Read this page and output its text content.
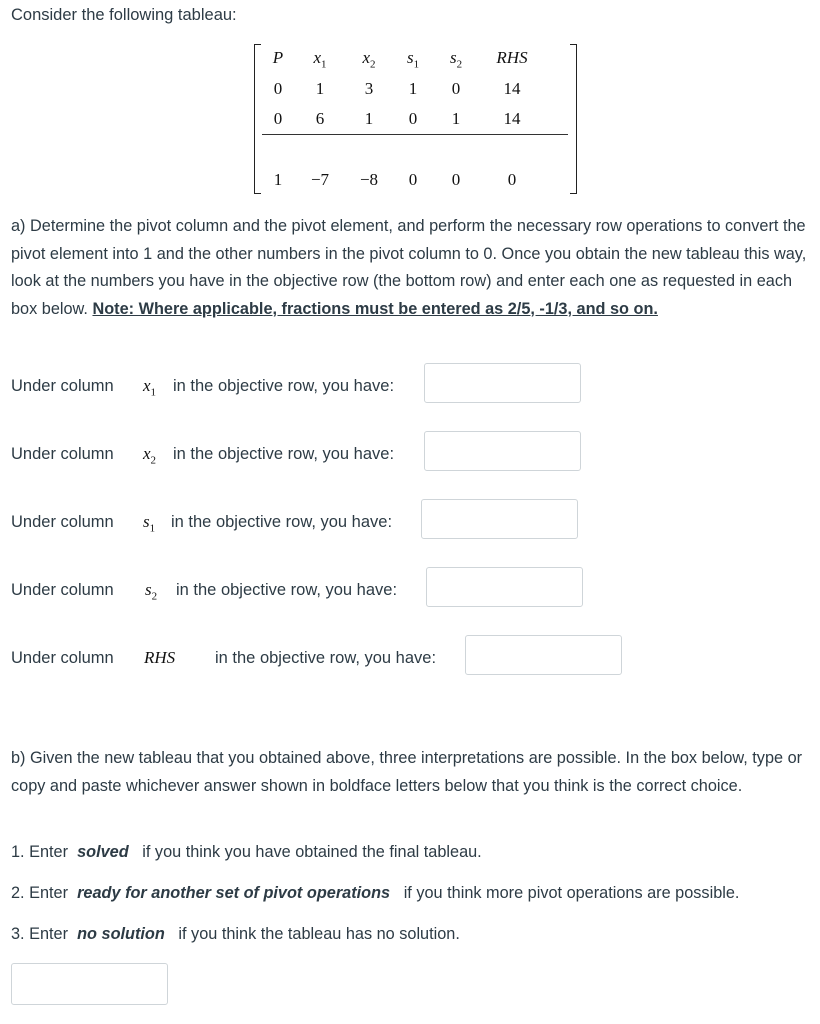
Consider the following tableau:
P	$x_1$	$x_2$	$s_1$	$s_2$	RHS
0	1	3	1	0	14
0	6	1	0	1	14
1	−7	−8	0	0	0
a) Determine the pivot column and the pivot element, and perform the necessary row operations to convert the pivot element into 1 and the other numbers in the pivot column to 0. Once you obtain the new tableau this way, look at the numbers you have in the objective row (the bottom row) and enter each one as requested in each box below. Note: Where applicable, fractions must be entered as 2/5, -1/3, and so on.
Under column $x_1$ in the objective row, you have:
Under column $x_2$ in the objective row, you have:
Under column $s_1$ in the objective row, you have:
Under column $s_2$ in the objective row, you have:
Under column RHS in the objective row, you have:
b) Given the new tableau that you obtained above, three interpretations are possible. In the box below, type or copy and paste whichever answer shown in boldface letters below that you think is the correct choice.
1. Enter solved if you think you have obtained the final tableau.
2. Enter ready for another set of pivot operations if you think more pivot operations are possible.
3. Enter no solution if you think the tableau has no solution.
